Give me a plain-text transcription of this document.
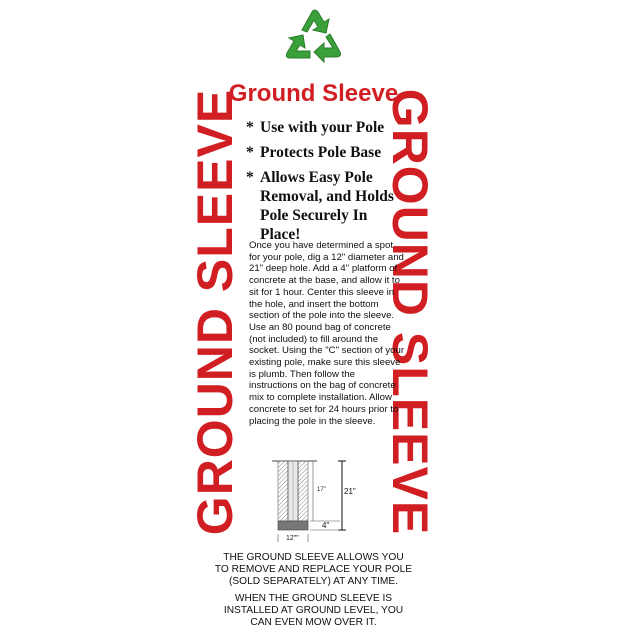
Ground Sleeve
GROUND SLEEVE	GROUND SLEEVE
* Use with your Pole
* Protects Pole Base
* Allows Easy Pole Removal, and Holds Pole Securely In Place!
Once you have determined a spot for your pole, dig a 12" diameter and 21" deep hole. Add a 4" platform of concrete at the base, and allow it to sit for 1 hour. Center this sleeve in the hole, and insert the bottom section of the pole into the sleeve. Use an 80 pound bag of concrete (not included) to fill around the socket. Using the "C" section of your existing pole, make sure this sleeve is plumb. Then follow the instructions on the bag of concrete mix to complete installation. Allow concrete to set for 24 hours prior to placing the pole in the sleeve.
17" 21"
4"
12""

THE GROUND SLEEVE ALLOWS YOU

TO REMOVE AND REPLACE YOUR POLE

(SOLD SEPARATELY) AT ANY TIME.

WHEN THE GROUND SLEEVE IS

INSTALLED AT GROUND LEVEL, YOU

CAN EVEN MOW OVER IT.
